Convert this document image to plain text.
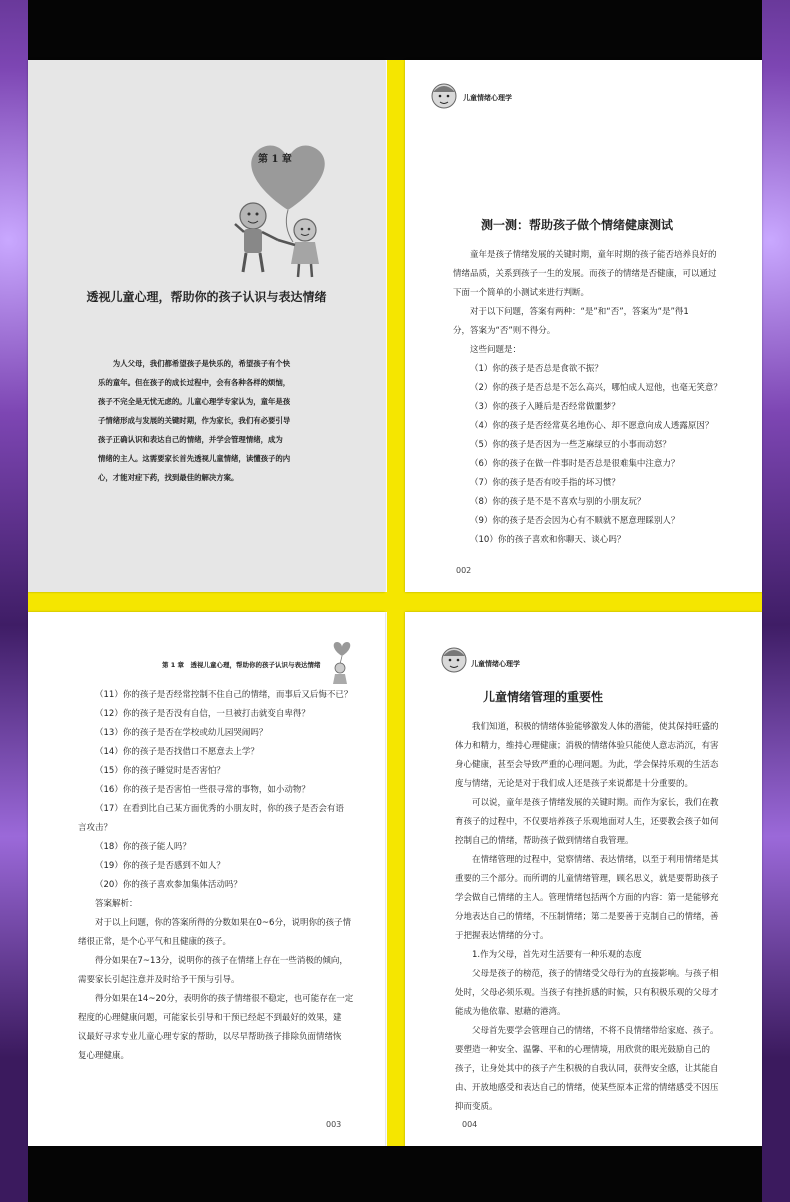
第 1 章
透视儿童心理，帮助你的孩子认识与表达情绪
为人父母，我们都希望孩子是快乐的，希望孩子有个快
乐的童年。但在孩子的成长过程中，会有各种各样的烦恼，
孩子不完全是无忧无虑的。儿童心理学专家认为，童年是孩
子情绪形成与发展的关键时期，作为家长，我们有必要引导
孩子正确认识和表达自己的情绪，并学会管理情绪，成为
情绪的主人。这需要家长首先透视儿童情绪，读懂孩子的内
心，才能对症下药，找到最佳的解决方案。
儿童情绪心理学
测一测：帮助孩子做个情绪健康测试
童年是孩子情绪发展的关键时期，童年时期的孩子能否培养良好的
情绪品质，关系到孩子一生的发展。而孩子的情绪是否健康，可以通过
下面一个简单的小测试来进行判断。
对于以下问题，答案有两种：“是”和“否”，答案为“是”得1
分，答案为“否”则不得分。
这些问题是：
（1）你的孩子是否总是食欲不振？
（2）你的孩子是否总是不怎么高兴，哪怕成人逗他，也毫无笑意？
（3）你的孩子入睡后是否经常做噩梦？
（4）你的孩子是否经常莫名地伤心、却不愿意向成人透露原因？
（5）你的孩子是否因为一些芝麻绿豆的小事而动怒？
（6）你的孩子在做一件事时是否总是很难集中注意力？
（7）你的孩子是否有咬手指的坏习惯？
（8）你的孩子是不是不喜欢与别的小朋友玩？
（9）你的孩子是否会因为心有不顺就不愿意理睬别人？
（10）你的孩子喜欢和你聊天、谈心吗？
002
第 1 章　透视儿童心理，帮助你的孩子认识与表达情绪
（11）你的孩子是否经常控制不住自己的情绪，而事后又后悔不已？
（12）你的孩子是否没有自信，一旦被打击就变自卑得？
（13）你的孩子是否在学校或幼儿园哭闹吗？
（14）你的孩子是否找借口不愿意去上学？
（15）你的孩子睡觉时是否害怕？
（16）你的孩子是否害怕一些很寻常的事物，如小动物？
（17）在看到比自己某方面优秀的小朋友时，你的孩子是否会有语
言攻击？
（18）你的孩子能人吗？
（19）你的孩子是否感到不如人？
（20）你的孩子喜欢参加集体活动吗？
答案解析：
对于以上问题，你的答案所得的分数如果在0~6分，说明你的孩子情
绪很正常，是个心平气和且健康的孩子。
得分如果在7~13分，说明你的孩子在情绪上存在一些消极的倾向，
需要家长引起注意并及时给予干预与引导。
得分如果在14~20分，表明你的孩子情绪很不稳定，也可能存在一定
程度的心理健康问题，可能家长引导和干预已经起不到最好的效果，建
议最好寻求专业儿童心理专家的帮助，以尽早帮助孩子排除负面情绪恢
复心理健康。
003
儿童情绪心理学
儿童情绪管理的重要性
我们知道，积极的情绪体验能够激发人体的潜能，使其保持旺盛的
体力和精力，维持心理健康；消极的情绪体验只能使人意志消沉，有害
身心健康，甚至会导致严重的心理问题。为此，学会保持乐观的生活态
度与情绪，无论是对于我们成人还是孩子来说都是十分重要的。
可以说，童年是孩子情绪发展的关键时期。而作为家长，我们在教
育孩子的过程中，不仅要培养孩子乐观地面对人生，还要教会孩子如何
控制自己的情绪，帮助孩子做到情绪自我管理。
在情绪管理的过程中，觉察情绪、表达情绪，以至于利用情绪是其
重要的三个部分。而所谓的儿童情绪管理，顾名思义，就是要帮助孩子
学会做自己情绪的主人。管理情绪包括两个方面的内容：第一是能够充
分地表达自己的情绪，不压制情绪；第二是要善于克制自己的情绪，善
于把握表达情绪的分寸。
1.作为父母，首先对生活要有一种乐观的态度
父母是孩子的榜范，孩子的情绪受父母行为的直接影响。与孩子相
处时，父母必须乐观。当孩子有挫折感的时候，只有积极乐观的父母才
能成为他依靠、慰藉的港湾。
父母首先要学会管理自己的情绪，不将不良情绪带给家庭、孩子。
要塑造一种安全、温馨、平和的心理情境，用欣赏的眼光鼓励自己的
孩子，让身处其中的孩子产生积极的自我认同，获得安全感，让其能自
由、开放地感受和表达自己的情绪，使某些原本正常的情绪感受不因压
抑而变质。
004
